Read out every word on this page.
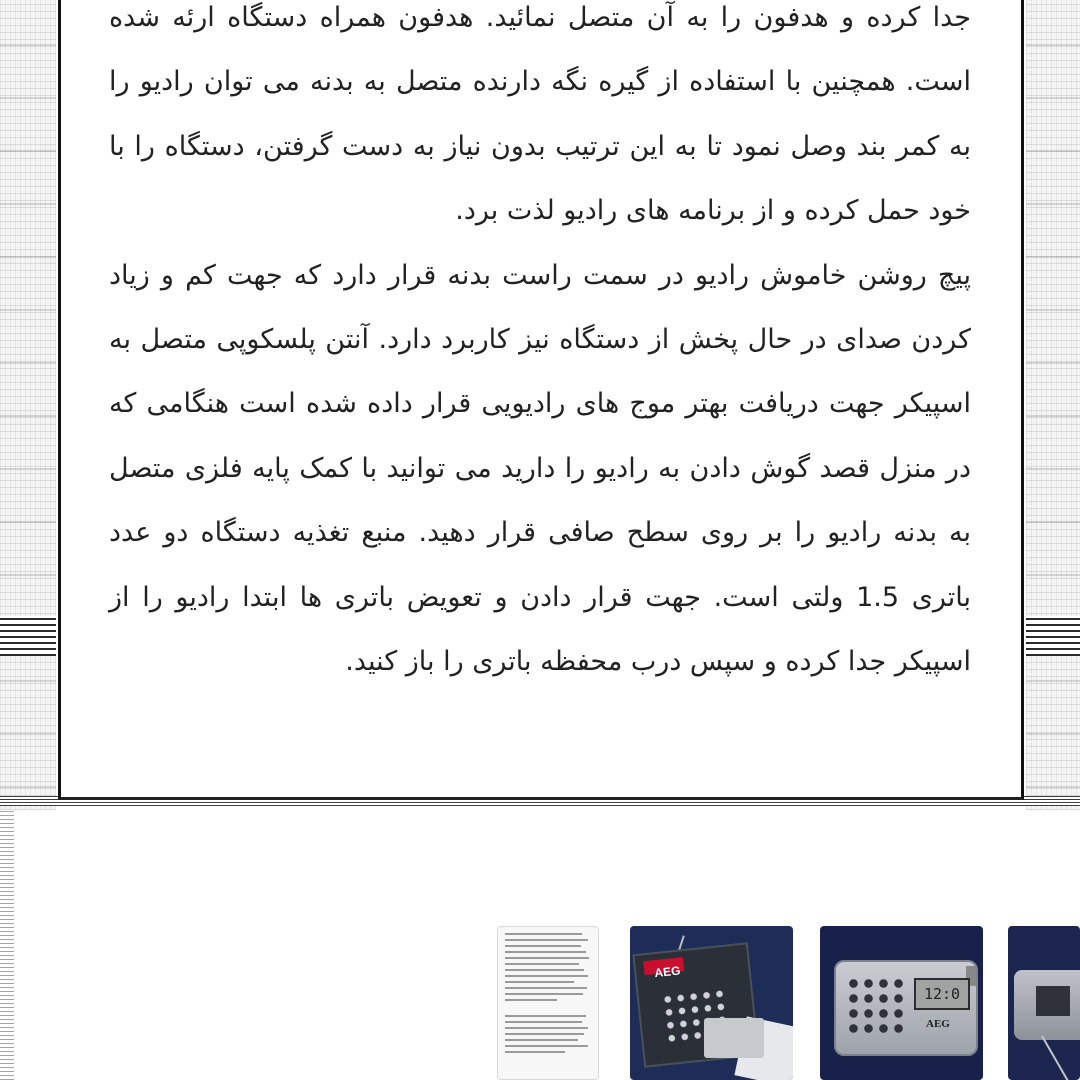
جدا کرده و هدفون را به آن متصل نمائید. هدفون همراه دستگاه ارئه شده است. همچنین با استفاده از گیره نگه دارنده متصل به بدنه می توان رادیو را به کمر بند وصل نمود تا به این ترتیب بدون نیاز به دست گرفتن، دستگاه را با خود حمل کرده و از برنامه های رادیو لذت برد.

پیچ روشن خاموش رادیو در سمت راست بدنه قرار دارد که جهت کم و زیاد کردن صدای در حال پخش از دستگاه نیز کاربرد دارد. آنتن پلسکوپی متصل به اسپیکر جهت دریافت بهتر موج های رادیویی قرار داده شده است هنگامی که در منزل قصد گوش دادن به رادیو را دارید می توانید با کمک پایه فلزی متصل به بدنه رادیو را بر روی سطح صافی قرار دهید. منبع تغذیه دستگاه دو عدد باتری 1.5 ولتی است. جهت قرار دادن و تعویض باتری ها ابتدا رادیو را از اسپیکر جدا کرده و سپس درب محفظه باتری را باز کنید.

AEG
12:0
AEG
